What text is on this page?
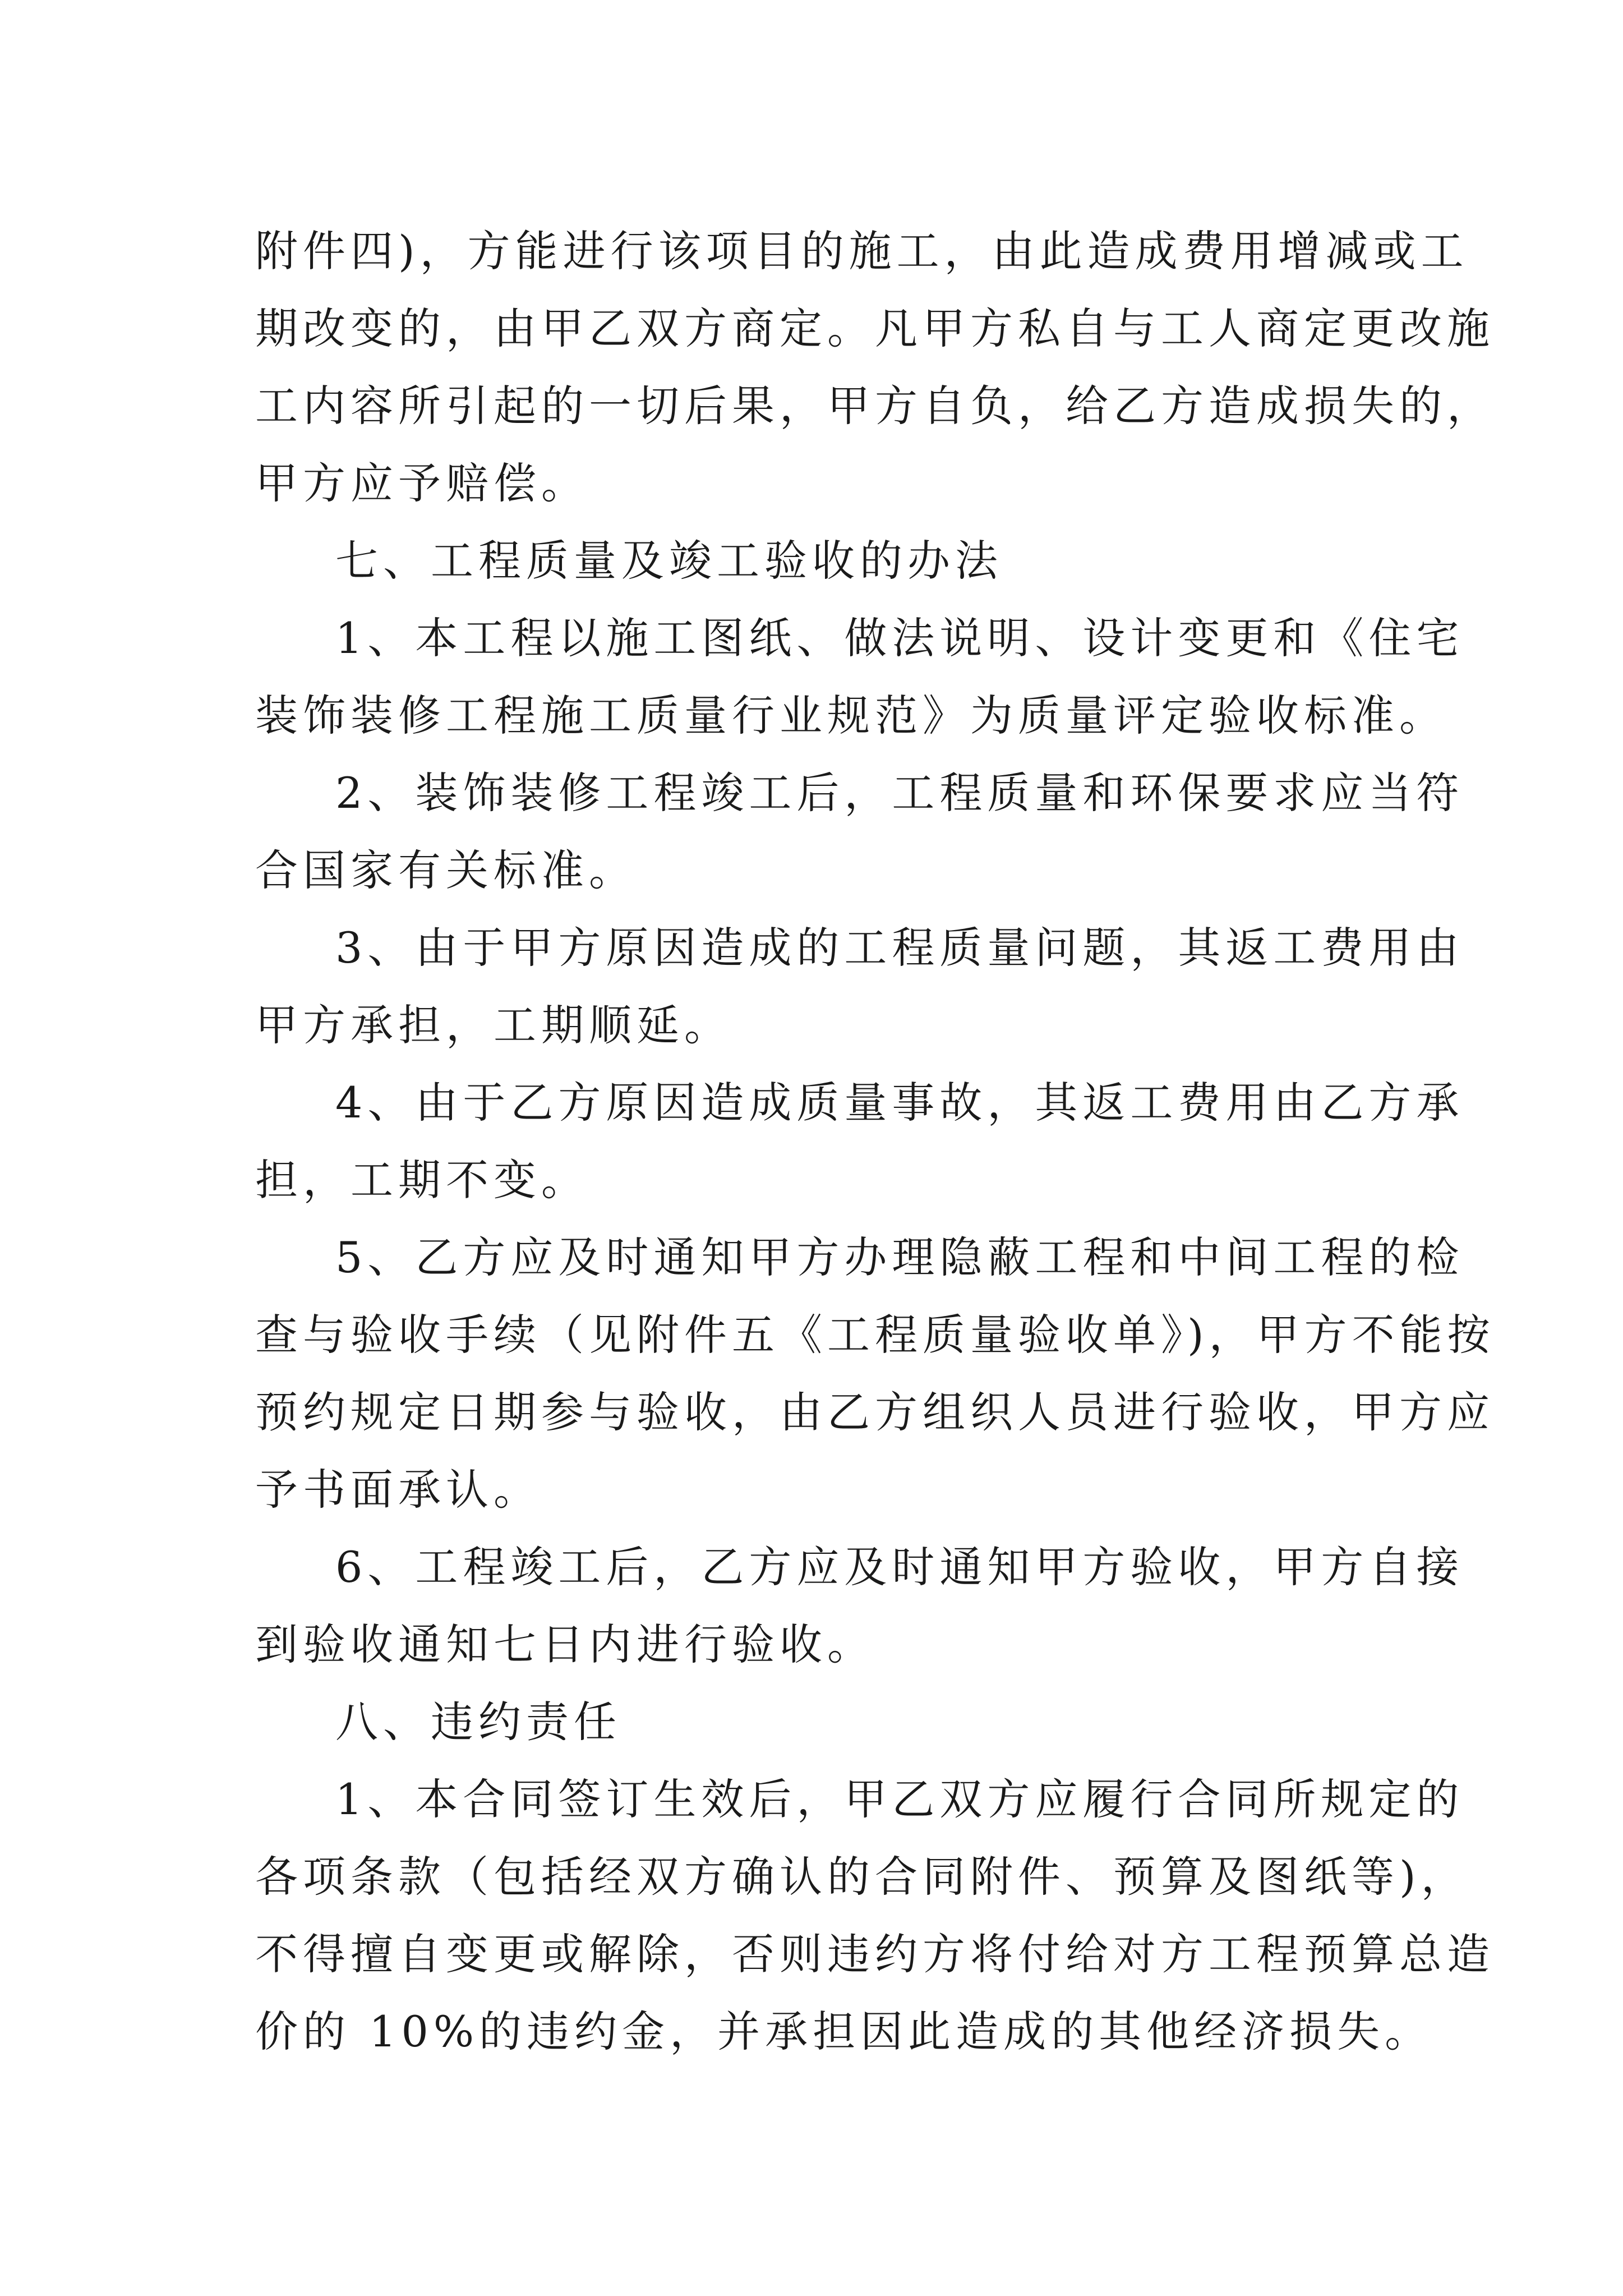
附件四)，方能进行该项目的施工，由此造成费用增减或工

期改变的，由甲乙双方商定。凡甲方私自与工人商定更改施

工内容所引起的一切后果，甲方自负，给乙方造成损失的，

甲方应予赔偿。

七、工程质量及竣工验收的办法

1、本工程以施工图纸、做法说明、设计变更和《住宅

装饰装修工程施工质量行业规范》为质量评定验收标准。

2、装饰装修工程竣工后，工程质量和环保要求应当符

合国家有关标准。

3、由于甲方原因造成的工程质量问题，其返工费用由

甲方承担，工期顺延。

4、由于乙方原因造成质量事故，其返工费用由乙方承

担，工期不变。

5、乙方应及时通知甲方办理隐蔽工程和中间工程的检

查与验收手续（见附件五《工程质量验收单》)，甲方不能按

预约规定日期参与验收，由乙方组织人员进行验收，甲方应

予书面承认。

6、工程竣工后，乙方应及时通知甲方验收，甲方自接

到验收通知七日内进行验收。

八、违约责任

1、本合同签订生效后，甲乙双方应履行合同所规定的

各项条款（包括经双方确认的合同附件、预算及图纸等)，

不得擅自变更或解除，否则违约方将付给对方工程预算总造

价的 10%的违约金，并承担因此造成的其他经济损失。
